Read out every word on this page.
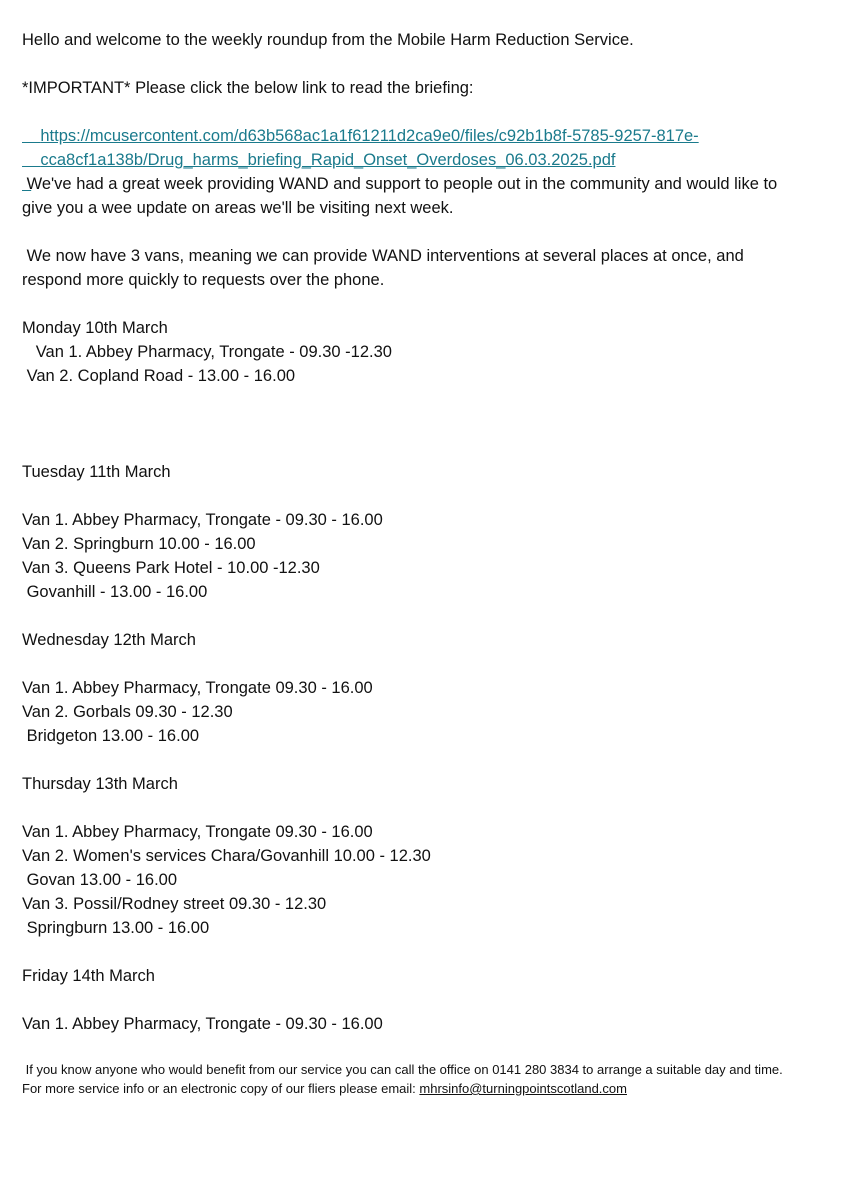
Hello and welcome to the weekly roundup from the Mobile Harm Reduction Service.
*IMPORTANT* Please click the below link to read the briefing:

https://mcusercontent.com/d63b568ac1a1f61211d2ca9e0/files/c92b1b8f-5785-9257-817e-

cca8cf1a138b/Drug_harms_briefing_Rapid_Onset_Overdoses_06.03.2025.pdf

We've had a great week providing WAND and support to people out in the community and would like to
give you a wee update on areas we'll be visiting next week.
We now have 3 vans, meaning we can provide WAND interventions at several places at once, and
respond more quickly to requests over the phone.
Monday 10th March
Van 1. Abbey Pharmacy, Trongate - 09.30 -12.30
Van 2. Copland Road - 13.00 - 16.00
Tuesday 11th March
Van 1. Abbey Pharmacy, Trongate - 09.30 - 16.00
Van 2. Springburn 10.00 - 16.00
Van 3. Queens Park Hotel - 10.00 -12.30
Govanhill - 13.00 - 16.00
Wednesday 12th March
Van 1. Abbey Pharmacy, Trongate 09.30 - 16.00
Van 2. Gorbals 09.30 - 12.30
Bridgeton 13.00 - 16.00
Thursday 13th March
Van 1. Abbey Pharmacy, Trongate 09.30 - 16.00
Van 2. Women's services Chara/Govanhill 10.00 - 12.30
Govan 13.00 - 16.00
Van 3. Possil/Rodney street 09.30 - 12.30
Springburn 13.00 - 16.00
Friday 14th March
Van 1. Abbey Pharmacy, Trongate - 09.30 - 16.00
If you know anyone who would benefit from our service you can call the office on 0141 280 3834 to arrange a suitable day and time.
For more service info or an electronic copy of our fliers please email: mhrsinfo@turningpointscotland.com
